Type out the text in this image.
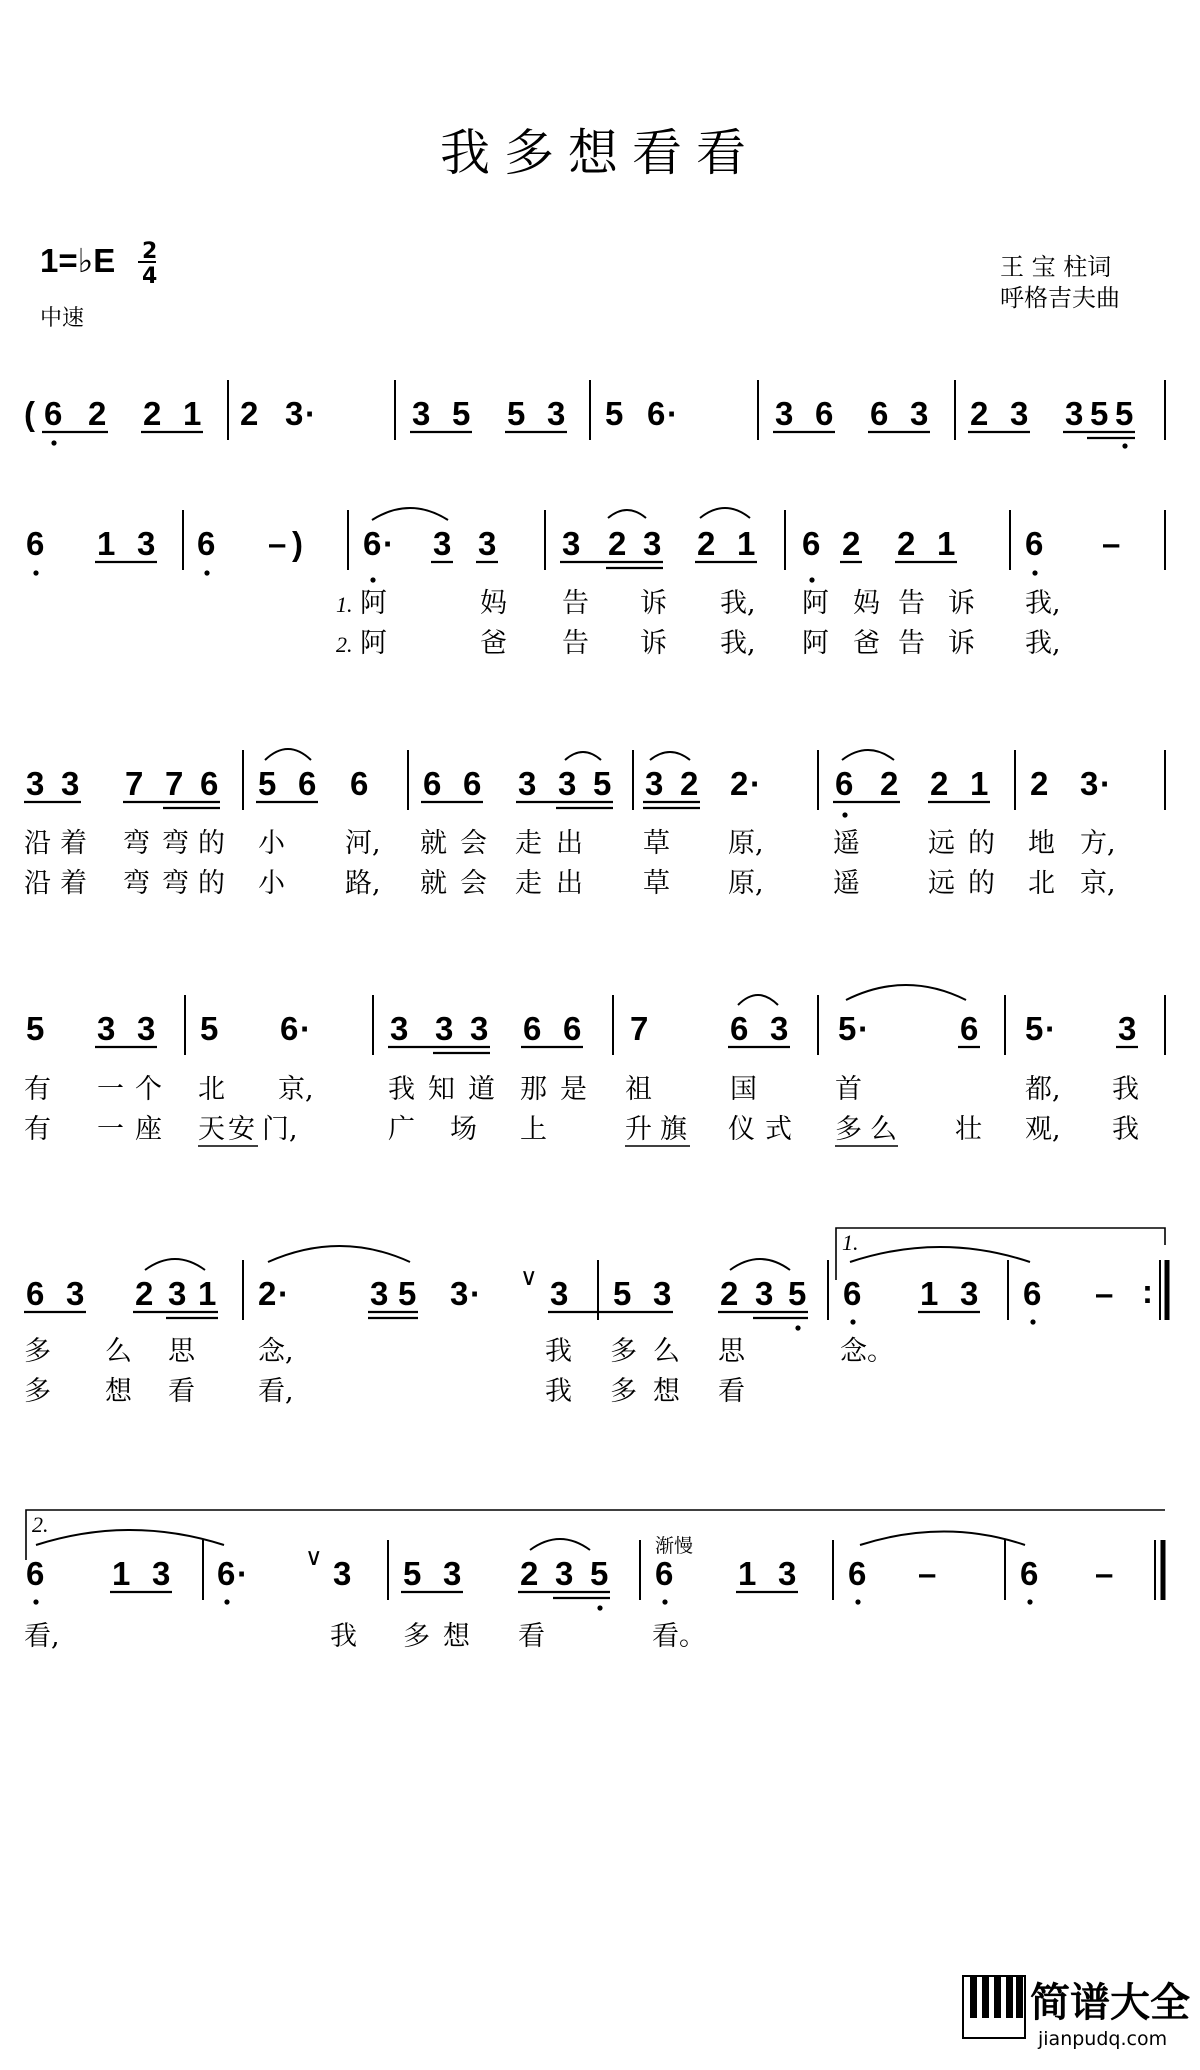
我多想看看
1=♭E 2
4
中速
王 宝 柱词
呼格吉夫曲
( 6 2 2 1 2 3 ·	3 5 5 3 5 6 ·	3 6 6 3 2 3 3 5 5
6 1 3 6 – ) 6 · 3 3 3 2 3 2 1 6 2 2 1 6 –
1.
2.
阿	妈 告 诉 我, 阿 妈 告 诉 我,
阿	爸 告 诉 我, 阿 爸 告 诉 我,
3 3 7 7 6 5 6 6 6 6 3 3 5 3 2 2 · 6 2 2 1 2 3 ·
沿 着 弯 弯 的 小 河, 就 会 走 出 草 原,	遥	远 的 地 方,
沿 着 弯 弯 的 小 路, 就 会 走 出 草 原,	遥	远 的 北 京,
5 3 3 5 6 · 3 3 3 6 6 7 6 3 5 ·	6 5 · 3
有 一 个 北 京,	我 知 道 那 是 祖	国	首	都, 我
有 一 座 天 安 门,	广 场 上	升 旗 仪 式 多 么 壮 观, 我
1.
6 3 2 3 1 2 · 3 5 3 · ∨ 3 5 3 2 3 5 6 1 3 6 – :
多 么 思 念,	我 多 么 思	念。
多 想 看 看,	我 多 想 看
2.
渐慢
6 1 3 6 · ∨ 3 5 3 2 3 5 6 1 3 6 –	6 –
看,	我 多 想 看	看。
简谱大全
jianpudq.com
